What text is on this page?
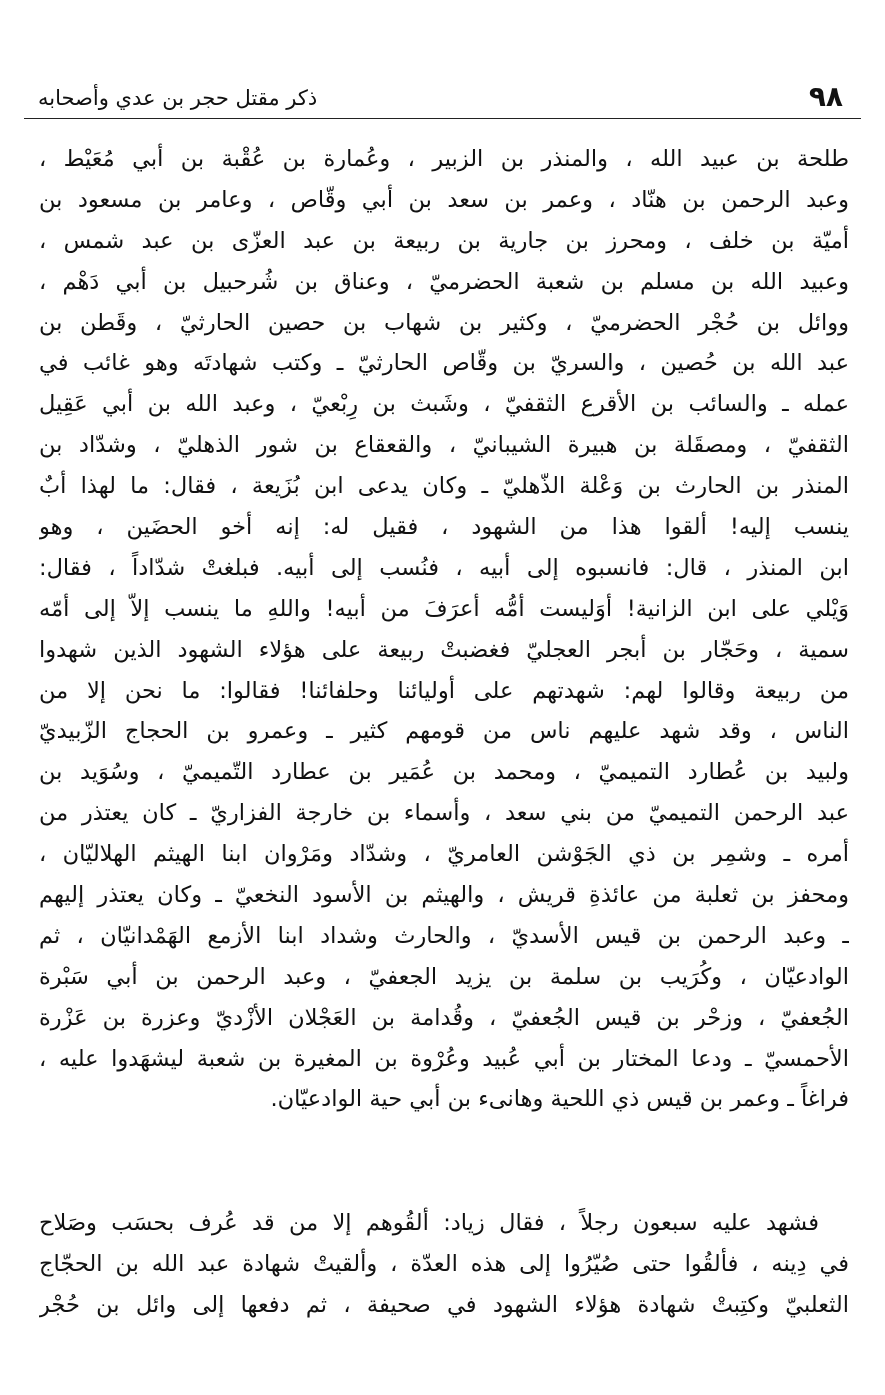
٩٨
ذكر مقتل حجر بن عدي وأصحابه
طلحة بن عبيد الله ، والمنذر بن الزبير ، وعُمارة بن عُقْبة بن أبي مُعَيْط ،
وعبد الرحمن بن هنّاد ، وعمر بن سعد بن أبي وقّاص ، وعامر بن مسعود بن
أميّة بن خلف ، ومحرز بن جارية بن ربيعة بن عبد العزّى بن عبد شمس ،
وعبيد الله بن مسلم بن شعبة الحضرميّ ، وعناق بن شُرحبيل بن أبي دَهْم ،
ووائل بن حُجْر الحضرميّ ، وكثير بن شهاب بن حصين الحارثيّ ، وقَطن بن
عبد الله بن حُصين ، والسريّ بن وقّاص الحارثيّ ـ وكتب شهادتَه وهو غائب في
عمله ـ والسائب بن الأقرع الثقفيّ ، وشَبث بن رِبْعيّ ، وعبد الله بن أبي عَقِيل
الثقفيّ ، ومصقَلة بن هبيرة الشيبانيّ ، والقعقاع بن شور الذهليّ ، وشدّاد بن
المنذر بن الحارث بن وَعْلة الذّهليّ ـ وكان يدعى ابن بُزَيعة ، فقال: ما لهذا أبٌ
ينسب إليه! ألقوا هذا من الشهود ، فقيل له: إنه أخو الحضَين ، وهو
ابن المنذر ، قال: فانسبوه إلى أبيه ، فنُسب إلى أبيه. فبلغتْ شدّاداً ، فقال:
وَيْلي على ابن الزانية! أوَليست أمُّه أعرَفَ من أبيه! واللهِ ما ينسب إلاّ إلى أمّه
سمية ، وحَجّار بن أبجر العجليّ فغضبتْ ربيعة على هؤلاء الشهود الذين شهدوا
من ربيعة وقالوا لهم: شهدتهم على أوليائنا وحلفائنا! فقالوا: ما نحن إلا من
الناس ، وقد شهد عليهم ناس من قومهم كثير ـ وعمرو بن الحجاج الزّبيديّ
ولبيد بن عُطارد التميميّ ، ومحمد بن عُمَير بن عطارد التّميميّ ، وسُوَيد بن
عبد الرحمن التميميّ من بني سعد ، وأسماء بن خارجة الفزاريّ ـ كان يعتذر من
أمره ـ وشمِر بن ذي الجَوْشن العامريّ ، وشدّاد ومَرْوان ابنا الهيثم الهلاليّان ،
ومحفز بن ثعلبة من عائذةِ قريش ، والهيثم بن الأسود النخعيّ ـ وكان يعتذر إليهم
ـ وعبد الرحمن بن قيس الأسديّ ، والحارث وشداد ابنا الأزمع الهَمْدانيّان ، ثم
الوادعيّان ، وكُرَيب بن سلمة بن يزيد الجعفيّ ، وعبد الرحمن بن أبي سَبْرة
الجُعفيّ ، وزحْر بن قيس الجُعفيّ ، وقُدامة بن العَجْلان الأزْديّ وعزرة بن عَزْرة
الأحمسيّ ـ ودعا المختار بن أبي عُبيد وعُرْوة بن المغيرة بن شعبة ليشهَدوا عليه ،
فراغاً ـ وعمر بن قيس ذي اللحية وهانىء بن أبي حية الوادعيّان.
فشهد عليه سبعون رجلاً ، فقال زياد: ألقُوهم إلا من قد عُرف بحسَب وصَلاح
في دِينه ، فألقُوا حتى صُيّرُوا إلى هذه العدّة ، وألقيتْ شهادة عبد الله بن الحجّاج
الثعلبيّ وكتِبتْ شهادة هؤلاء الشهود في صحيفة ، ثم دفعها إلى وائل بن حُجْر
